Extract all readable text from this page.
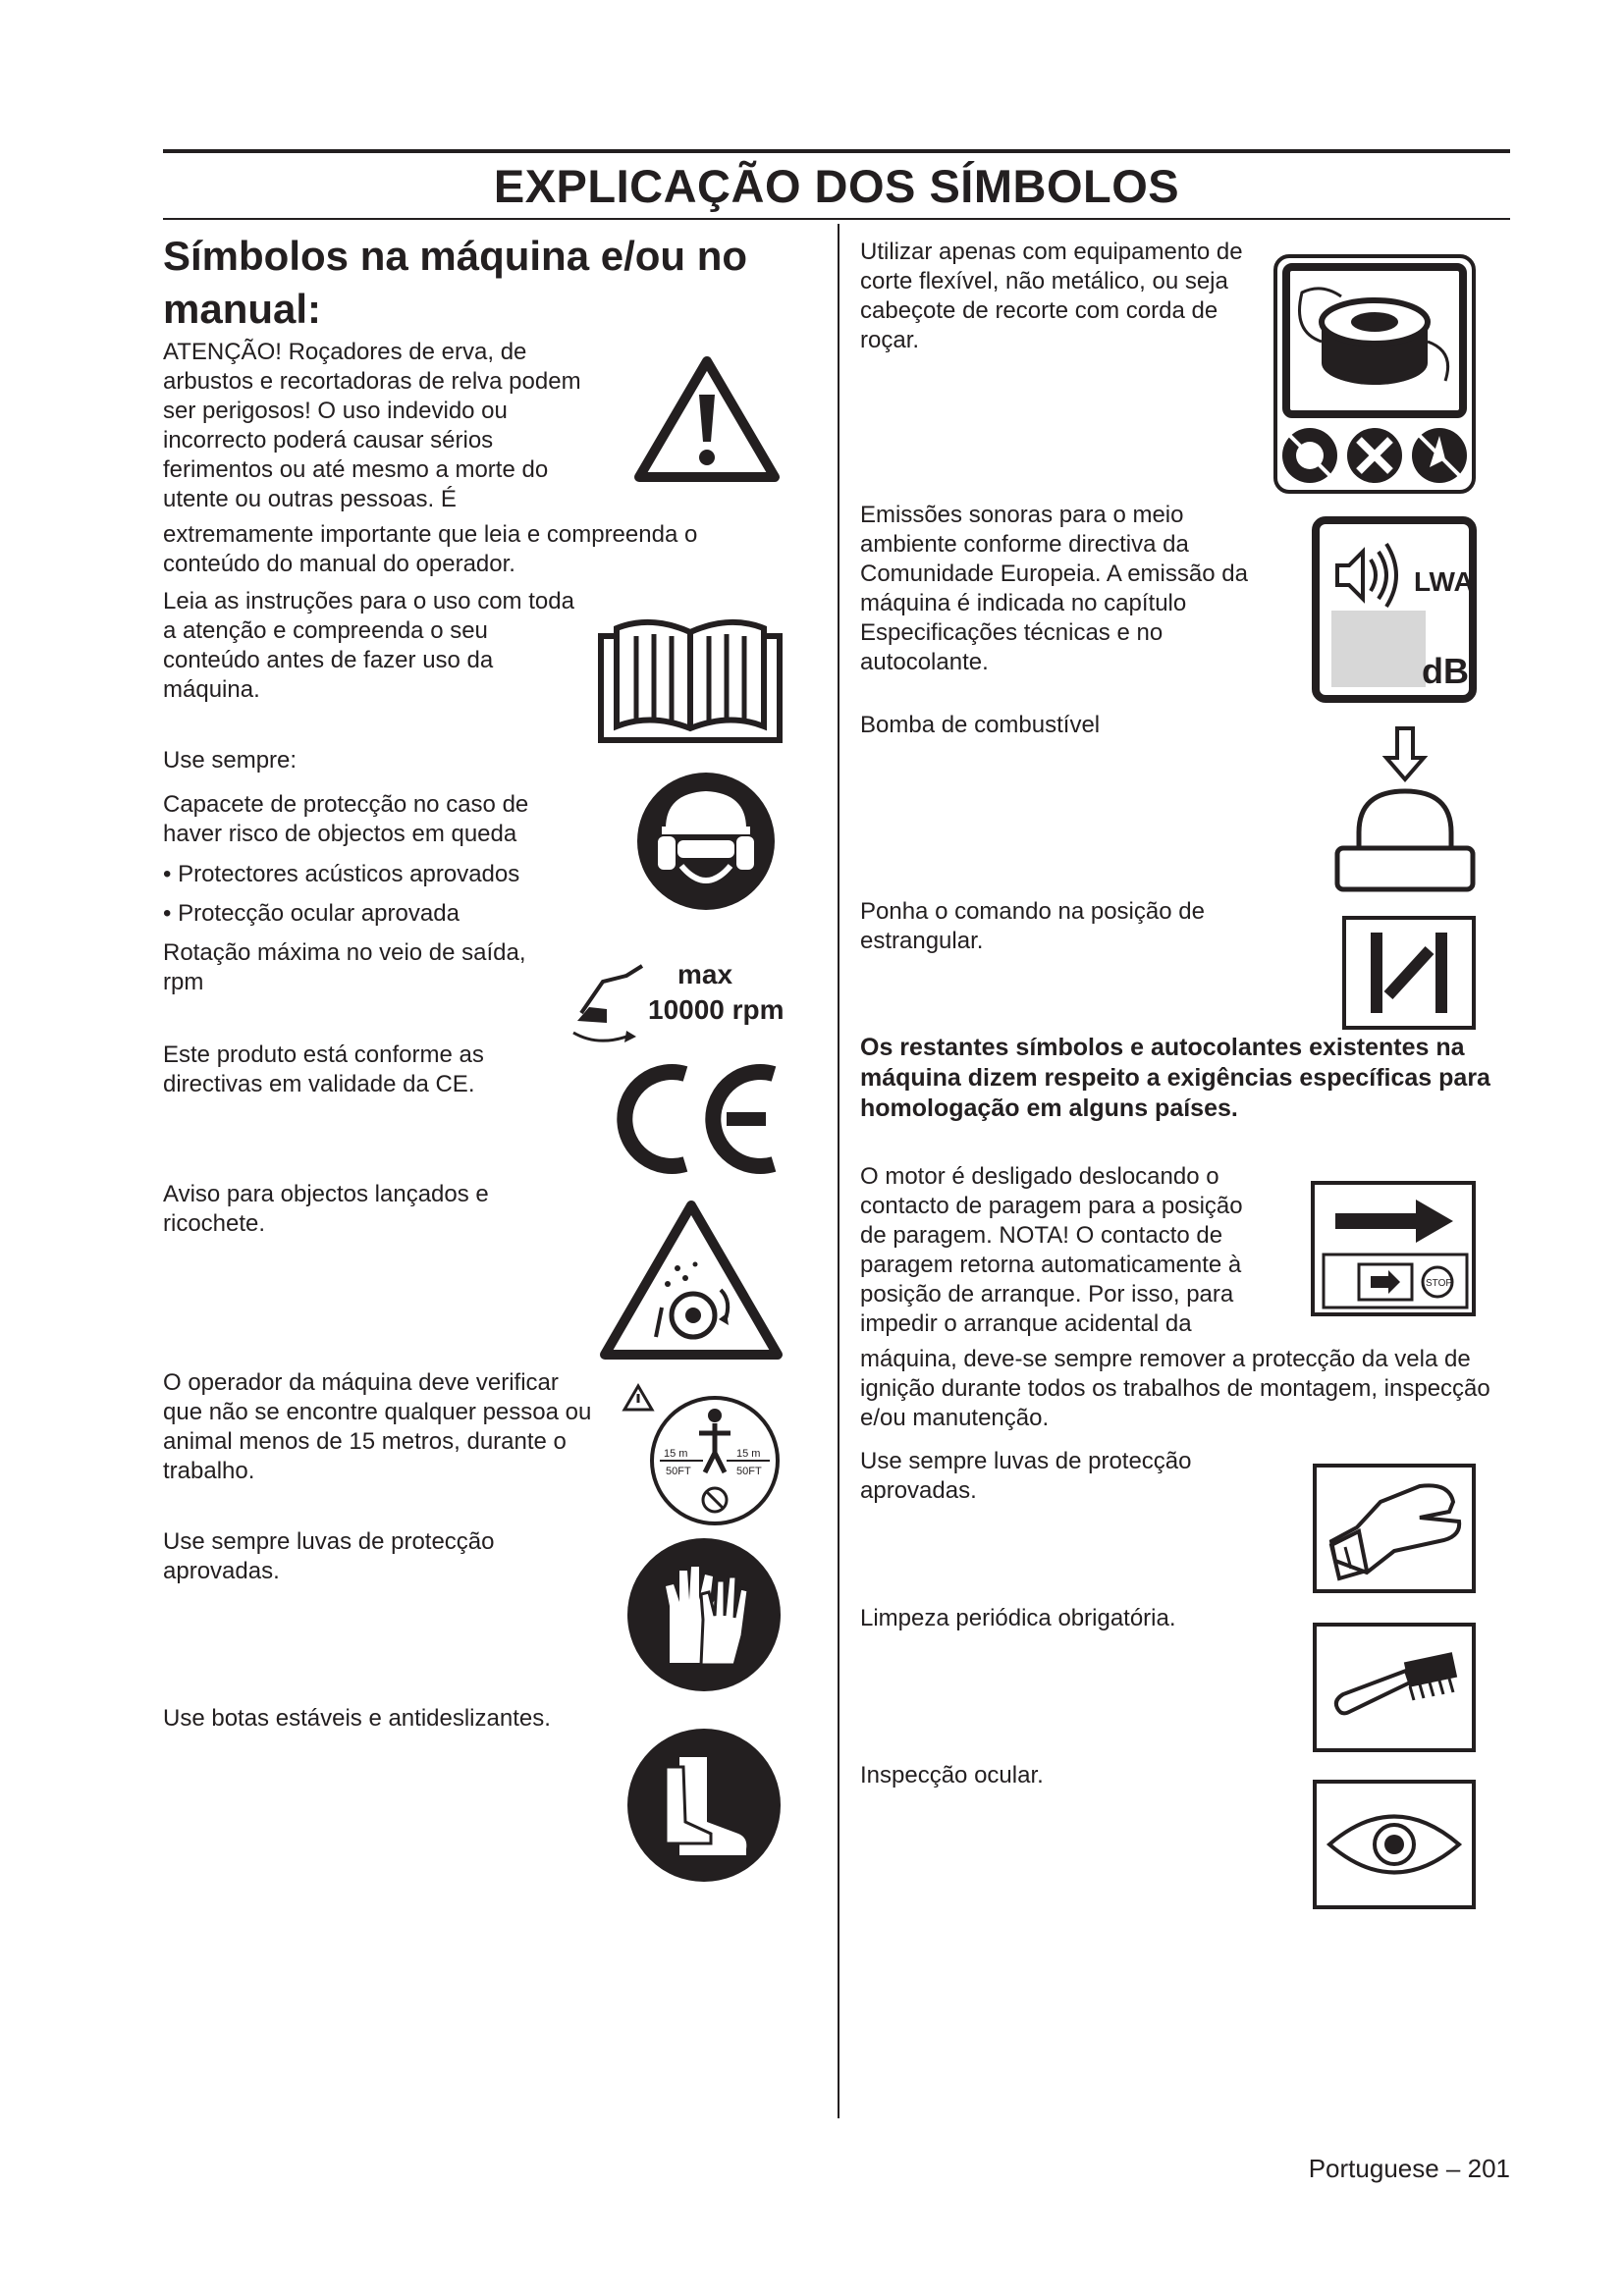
EXPLICAÇÃO DOS SÍMBOLOS
Símbolos na máquina e/ou no manual:
ATENÇÃO! Roçadores de erva, de arbustos e recortadoras de relva podem ser perigosos! O uso indevido ou incorrecto poderá causar sérios ferimentos ou até mesmo a morte do utente ou outras pessoas. É
extremamente importante que leia e compreenda o conteúdo do manual do operador.
Leia as instruções para o uso com toda a atenção e compreenda o seu conteúdo antes de fazer uso da máquina.
Use sempre:
Capacete de protecção no caso de haver risco de objectos em queda
• Protectores acústicos aprovados
• Protecção ocular aprovada
Rotação máxima no veio de saída, rpm	max
10000 rpm
Este produto está conforme as directivas em validade da CE.
Aviso para objectos lançados e ricochete.
O operador da máquina deve verificar que não se encontre qualquer pessoa ou animal menos de 15 metros, durante o trabalho.
15 m
50FT
15 m
50FT
Use sempre luvas de protecção aprovadas.
Use botas estáveis e antideslizantes.
Utilizar apenas com equipamento de corte flexível, não metálico, ou seja cabeçote de recorte com corda de roçar.
Emissões sonoras para o meio ambiente conforme directiva da Comunidade Europeia. A emissão da máquina é indicada no capítulo Especificações técnicas e no autocolante.
LWA
dB
Bomba de combustível
Ponha o comando na posição de estrangular.
Os restantes símbolos e autocolantes existentes na máquina dizem respeito a exigências específicas para homologação em alguns países.
O motor é desligado deslocando o contacto de paragem para a posição de paragem. NOTA! O contacto de paragem retorna automaticamente à posição de arranque. Por isso, para impedir o arranque acidental da
máquina, deve-se sempre remover a protecção da vela de ignição durante todos os trabalhos de montagem, inspecção e/ou manutenção.
STOP
Use sempre luvas de protecção aprovadas.
Limpeza periódica obrigatória.
Inspecção ocular.
Portuguese – 201
